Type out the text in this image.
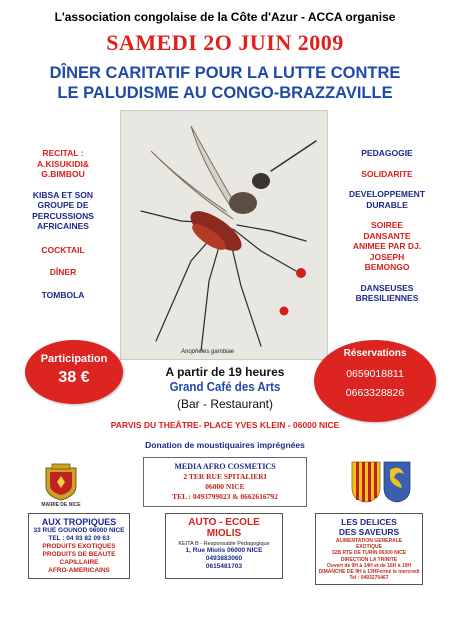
L'association congolaise de la Côte d'Azur - ACCA organise
SAMEDI 2O JUIN 2009
DÎNER CARITATIF POUR LA LUTTE CONTRE
LE PALUDISME AU CONGO-BRAZZAVILLE
Anopheles gambiae
RECITAL :
A.KISUKIDI&
G.BIMBOU
KIBSA ET SON
GROUPE DE
PERCUSSIONS
AFRICAINES
COCKTAIL
DÎNER
TOMBOLA
PEDAGOGIE
SOLIDARITE
DEVELOPPEMENT
DURABLE
SOIREE
DANSANTE
ANIMEE PAR DJ.
JOSEPH
BEMONGO
DANSEUSES
BRESILIENNES
Participation
38 €
Réservations
0659018811
0663328826
A partir de 19 heures
Grand Café des Arts
(Bar - Restaurant)
PARVIS DU THEÂTRE- PLACE YVES KLEIN - 06000 NICE
Donation de moustiquaires imprégnées
MAIRIE DE NICE
MEDIA AFRO COSMETICS
2 TER RUE SPITALIERI
06000 NICE
TEL : 0493799023 & 0662616792
AUX TROPIQUES
33 RUE GOUNOD 06000 NICE
TEL : 04 93 82 09 63
PRODUITS EXOTIQUES
PRODUITS DE BEAUTE
CAPILLAIRE
AFRO-AMERICAINS
AUTO - ECOLE
MIOLIS
KEITA B - Responsable Pédagogique
1, Rue Miolis 06000 NICE
0493883060
0615481703
LES DELICES
DES SAVEURS
ALIMENTATION GENERALE
EXOTIQUE
32B RTE DE TURIN 06300 NICE
DIRECTION LA TRINITE
Ouvert de 9H à 14H et de 16H à 19H
DIMANCHE DE 9H à 13HFermé le mercredi
Tel : 0493270467
